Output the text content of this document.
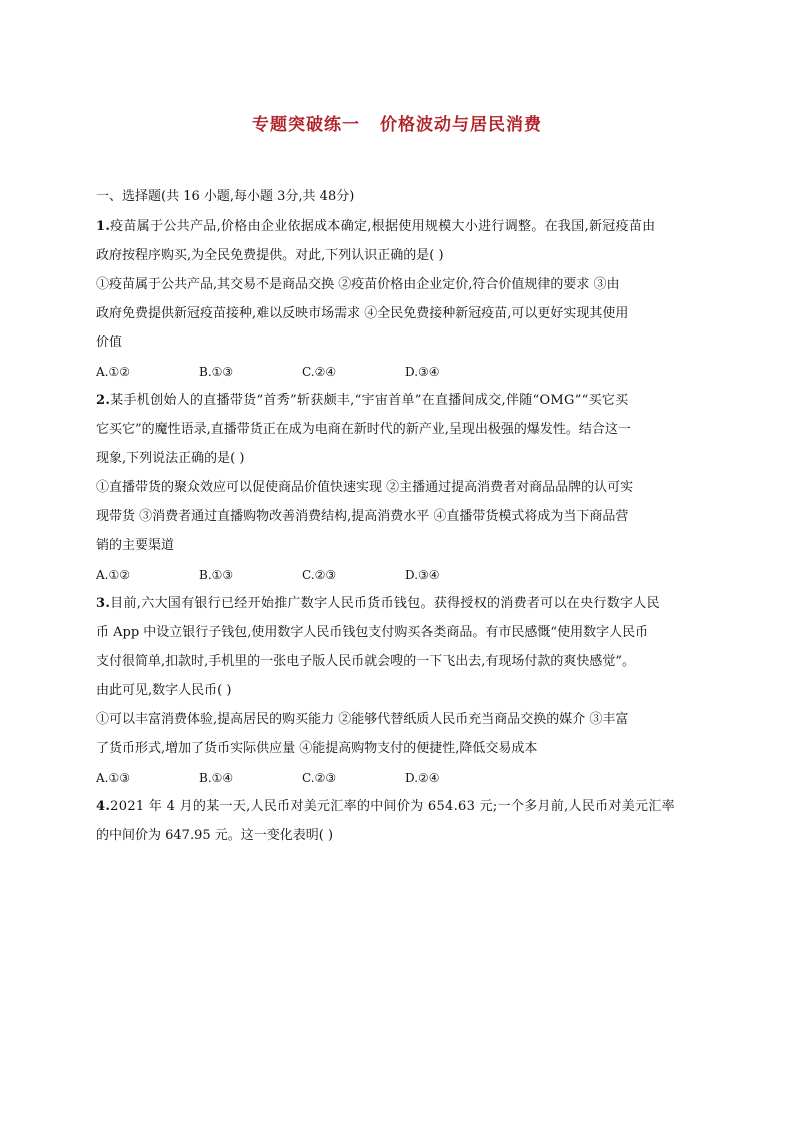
专题突破练一 价格波动与居民消费
一、选择题(共 16 小题,每小题 3分,共 48分)
1.疫苗属于公共产品,价格由企业依据成本确定,根据使用规模大小进行调整。在我国,新冠疫苗由
政府按程序购买,为全民免费提供。对此,下列认识正确的是( )
①疫苗属于公共产品,其交易不是商品交换 ②疫苗价格由企业定价,符合价值规律的要求 ③由
政府免费提供新冠疫苗接种,难以反映市场需求 ④全民免费接种新冠疫苗,可以更好实现其使用
价值
A.①②	B.①③	C.②④	D.③④
2.某手机创始人的直播带货“首秀”斩获颇丰,“宇宙首单”在直播间成交,伴随“OMG”“买它买
它买它”的魔性语录,直播带货正在成为电商在新时代的新产业,呈现出极强的爆发性。结合这一
现象,下列说法正确的是( )
①直播带货的聚众效应可以促使商品价值快速实现 ②主播通过提高消费者对商品品牌的认可实
现带货 ③消费者通过直播购物改善消费结构,提高消费水平 ④直播带货模式将成为当下商品营
销的主要渠道
A.①②	B.①③	C.②③	D.③④
3.目前,六大国有银行已经开始推广数字人民币货币钱包。获得授权的消费者可以在央行数字人民
币 App 中设立银行子钱包,使用数字人民币钱包支付购买各类商品。有市民感慨“使用数字人民币
支付很简单,扣款时,手机里的一张电子版人民币就会嗖的一下飞出去,有现场付款的爽快感觉”。
由此可见,数字人民币( )
①可以丰富消费体验,提高居民的购买能力 ②能够代替纸质人民币充当商品交换的媒介 ③丰富
了货币形式,增加了货币实际供应量 ④能提高购物支付的便捷性,降低交易成本
A.①③	B.①④	C.②③	D.②④
4.2021 年 4 月的某一天,人民币对美元汇率的中间价为 654.63 元;一个多月前,人民币对美元汇率
的中间价为 647.95 元。这一变化表明( )
